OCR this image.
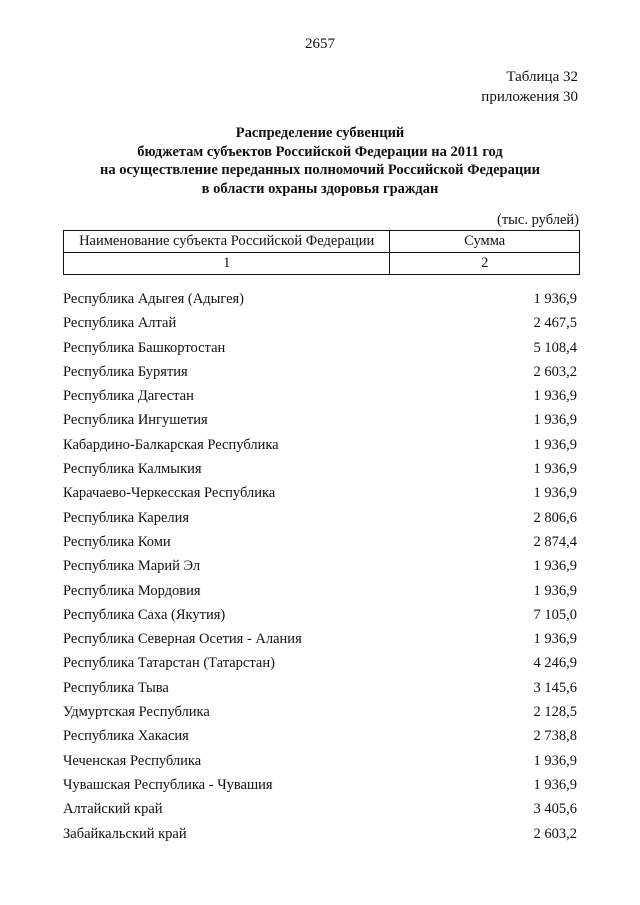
2657
Таблица 32
приложения 30
Распределение субвенций
бюджетам субъектов Российской Федерации на 2011 год
на осуществление переданных полномочий Российской Федерации
в области охраны здоровья граждан
(тыс. рублей)
Наименование субъекта Российской Федерации	Сумма
1	2
Республика Адыгея (Адыгея)	1 936,9
Республика Алтай	2 467,5
Республика Башкортостан	5 108,4
Республика Бурятия	2 603,2
Республика Дагестан	1 936,9
Республика Ингушетия	1 936,9
Кабардино-Балкарская Республика	1 936,9
Республика Калмыкия	1 936,9
Карачаево-Черкесская Республика	1 936,9
Республика Карелия	2 806,6
Республика Коми	2 874,4
Республика Марий Эл	1 936,9
Республика Мордовия	1 936,9
Республика Саха (Якутия)	7 105,0
Республика Северная Осетия - Алания	1 936,9
Республика Татарстан (Татарстан)	4 246,9
Республика Тыва	3 145,6
Удмуртская Республика	2 128,5
Республика Хакасия	2 738,8
Чеченская Республика	1 936,9
Чувашская Республика - Чувашия	1 936,9
Алтайский край	3 405,6
Забайкальский край	2 603,2
